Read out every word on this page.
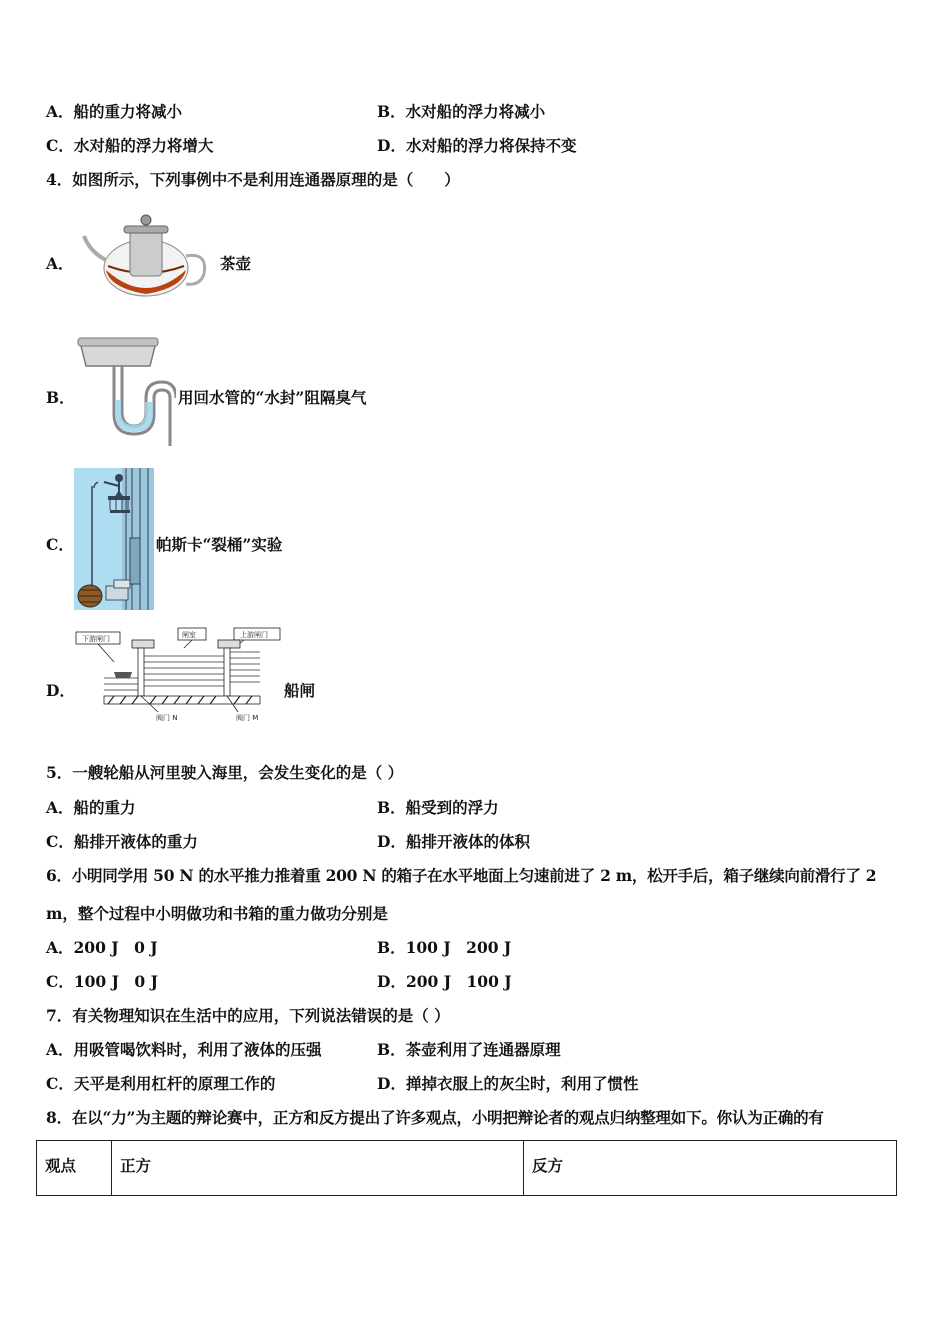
A．船的重力将减小	B．水对船的浮力将减小
C．水对船的浮力将增大	D．水对船的浮力将保持不变
4．如图所示，下列事例中不是利用连通器原理的是（　　）
A．	茶壶
B．	用回水管的“水封”阻隔臭气
C．	帕斯卡“裂桶”实验
D．
下游闸门	闸室	上游闸门
阀门 N	阀门 M
船闸
5．一艘轮船从河里驶入海里，会发生变化的是（ ）
A．船的重力	B．船受到的浮力
C．船排开液体的重力	D．船排开液体的体积
6．小明同学用 50 N 的水平推力推着重 200 N 的箱子在水平地面上匀速前进了 2 m，松开手后，箱子继续向前滑行了 2
m，整个过程中小明做功和书箱的重力做功分别是
A．200 J　0 J	B．100 J　200 J
C．100 J　0 J	D．200 J　100 J
7．有关物理知识在生活中的应用，下列说法错误的是（ ）
A．用吸管喝饮料时，利用了液体的压强	B．茶壶利用了连通器原理
C．天平是利用杠杆的原理工作的	D．掸掉衣服上的灰尘时，利用了惯性
8．在以“力”为主题的辩论赛中，正方和反方提出了许多观点，小明把辩论者的观点归纳整理如下。你认为正确的有
观点	正方	反方
